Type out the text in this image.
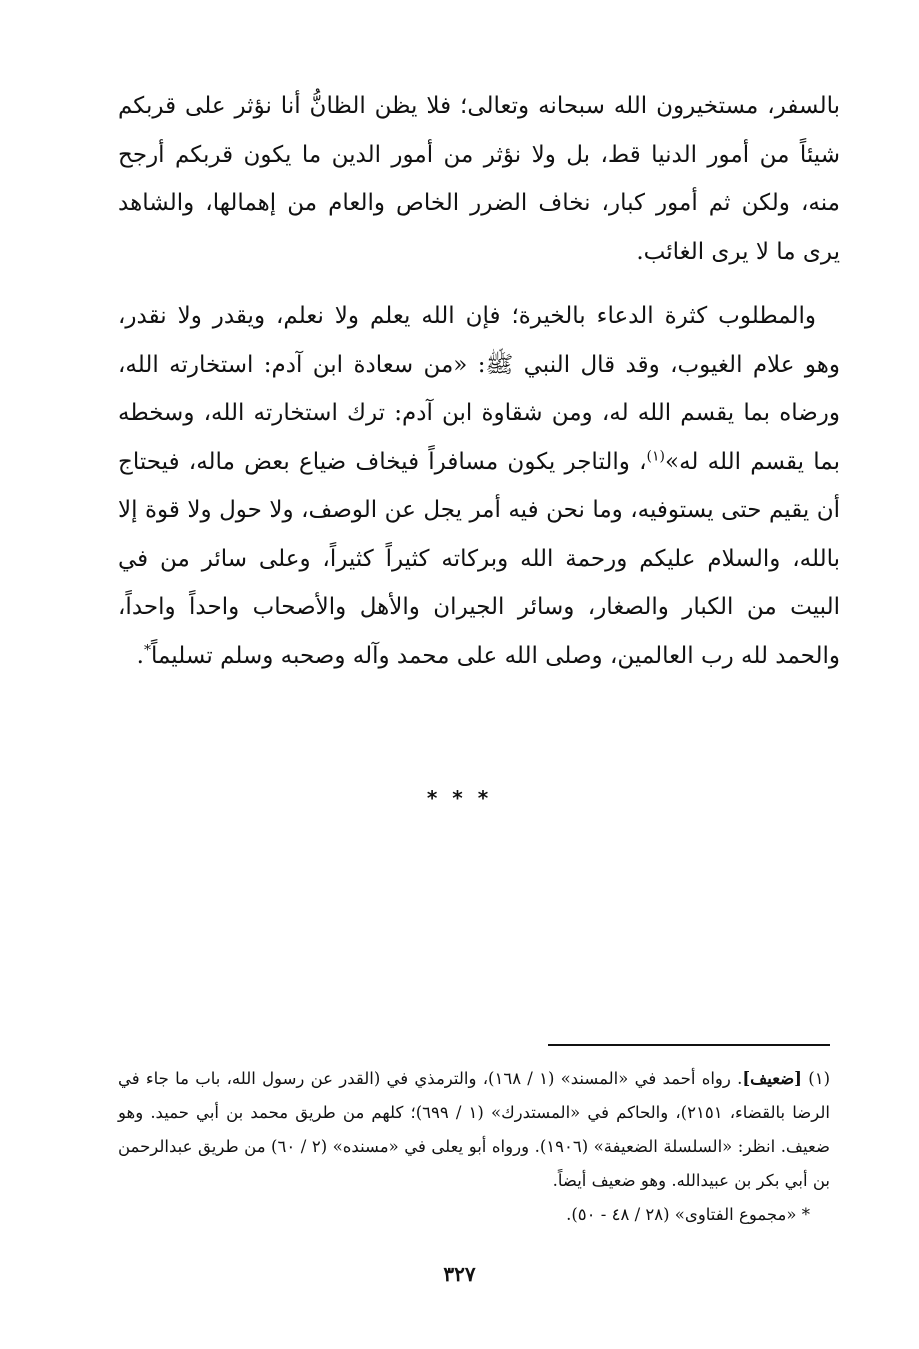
بالسفر، مستخيرون الله سبحانه وتعالى؛ فلا يظن الظانُّ أنا نؤثر على قربكم شيئاً من أمور الدنيا قط، بل ولا نؤثر من أمور الدين ما يكون قربكم أرجح منه، ولكن ثم أمور كبار، نخاف الضرر الخاص والعام من إهمالها، والشاهد يرى ما لا يرى الغائب.

والمطلوب كثرة الدعاء بالخيرة؛ فإن الله يعلم ولا نعلم، ويقدر ولا نقدر، وهو علام الغيوب، وقد قال النبي ﷺ: «من سعادة ابن آدم: استخارته الله، ورضاه بما يقسم الله له، ومن شقاوة ابن آدم: ترك استخارته الله، وسخطه بما يقسم الله له»$^{(١)}$، والتاجر يكون مسافراً فيخاف ضياع بعض ماله، فيحتاج أن يقيم حتى يستوفيه، وما نحن فيه أمر يجل عن الوصف، ولا حول ولا قوة إلا بالله، والسلام عليكم ورحمة الله وبركاته كثيراً كثيراً، وعلى سائر من في البيت من الكبار والصغار، وسائر الجيران والأهل والأصحاب واحداً واحداً، والحمد لله رب العالمين، وصلى الله على محمد وآله وصحبه وسلم تسليماً*.

* * *

(١) [ضعيف]. رواه أحمد في «المسند» (١ / ١٦٨)، والترمذي في (القدر عن رسول الله، باب ما جاء في الرضا بالقضاء، ٢١٥١)، والحاكم في «المستدرك» (١ / ٦٩٩)؛ كلهم من طريق محمد بن أبي حميد. وهو ضعيف. انظر: «السلسلة الضعيفة» (١٩٠٦). ورواه أبو يعلى في «مسنده» (٢ / ٦٠) من طريق عبدالرحمن بن أبي بكر بن عبيدالله. وهو ضعيف أيضاً.

* «مجموع الفتاوى» (٢٨ / ٤٨ - ٥٠).

٣٢٧
